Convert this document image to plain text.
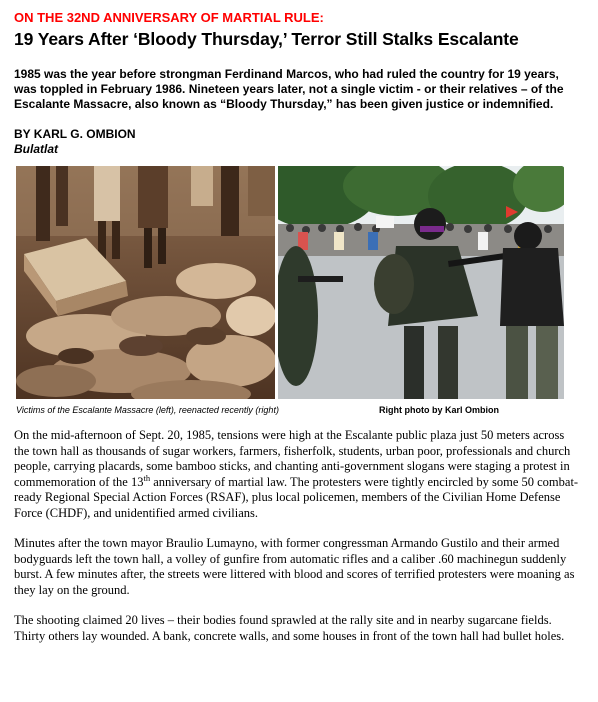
ON THE 32ND ANNIVERSARY OF MARTIAL RULE:

19 Years After ‘Bloody Thursday,’ Terror Still Stalks Escalante

1985 was the year before strongman Ferdinand Marcos, who had ruled the country for 19 years, was toppled in February 1986. Nineteen years later, not a single victim - or their relatives – of the Escalante Massacre, also known as “Bloody Thursday,” has been given justice or indemnified.

BY KARL G. OMBION

Bulatlat

Victims of the Escalante Massacre (left), reenacted recently (right)	Right photo by Karl Ombion

On the mid-afternoon of Sept. 20, 1985, tensions were high at the Escalante public plaza just 50 meters across the town hall as thousands of sugar workers, farmers, fisherfolk, students, urban poor, professionals and church people, carrying placards, some bamboo sticks, and chanting anti-government slogans were staging a protest in commemoration of the 13th anniversary of martial law. The protesters were tightly encircled by some 50 combat-ready Regional Special Action Forces (RSAF), plus local policemen, members of the Civilian Home Defense Force (CHDF), and unidentified armed civilians.

Minutes after the town mayor Braulio Lumayno, with former congressman Armando Gustilo and their armed bodyguards left the town hall, a volley of gunfire from automatic rifles and a caliber .60 machinegun suddenly burst. A few minutes after, the streets were littered with blood and scores of terrified protesters were moaning as they lay on the ground.

The shooting claimed 20 lives – their bodies found sprawled at the rally site and in nearby sugarcane fields. Thirty others lay wounded. A bank, concrete walls, and some houses in front of the town hall had bullet holes.
